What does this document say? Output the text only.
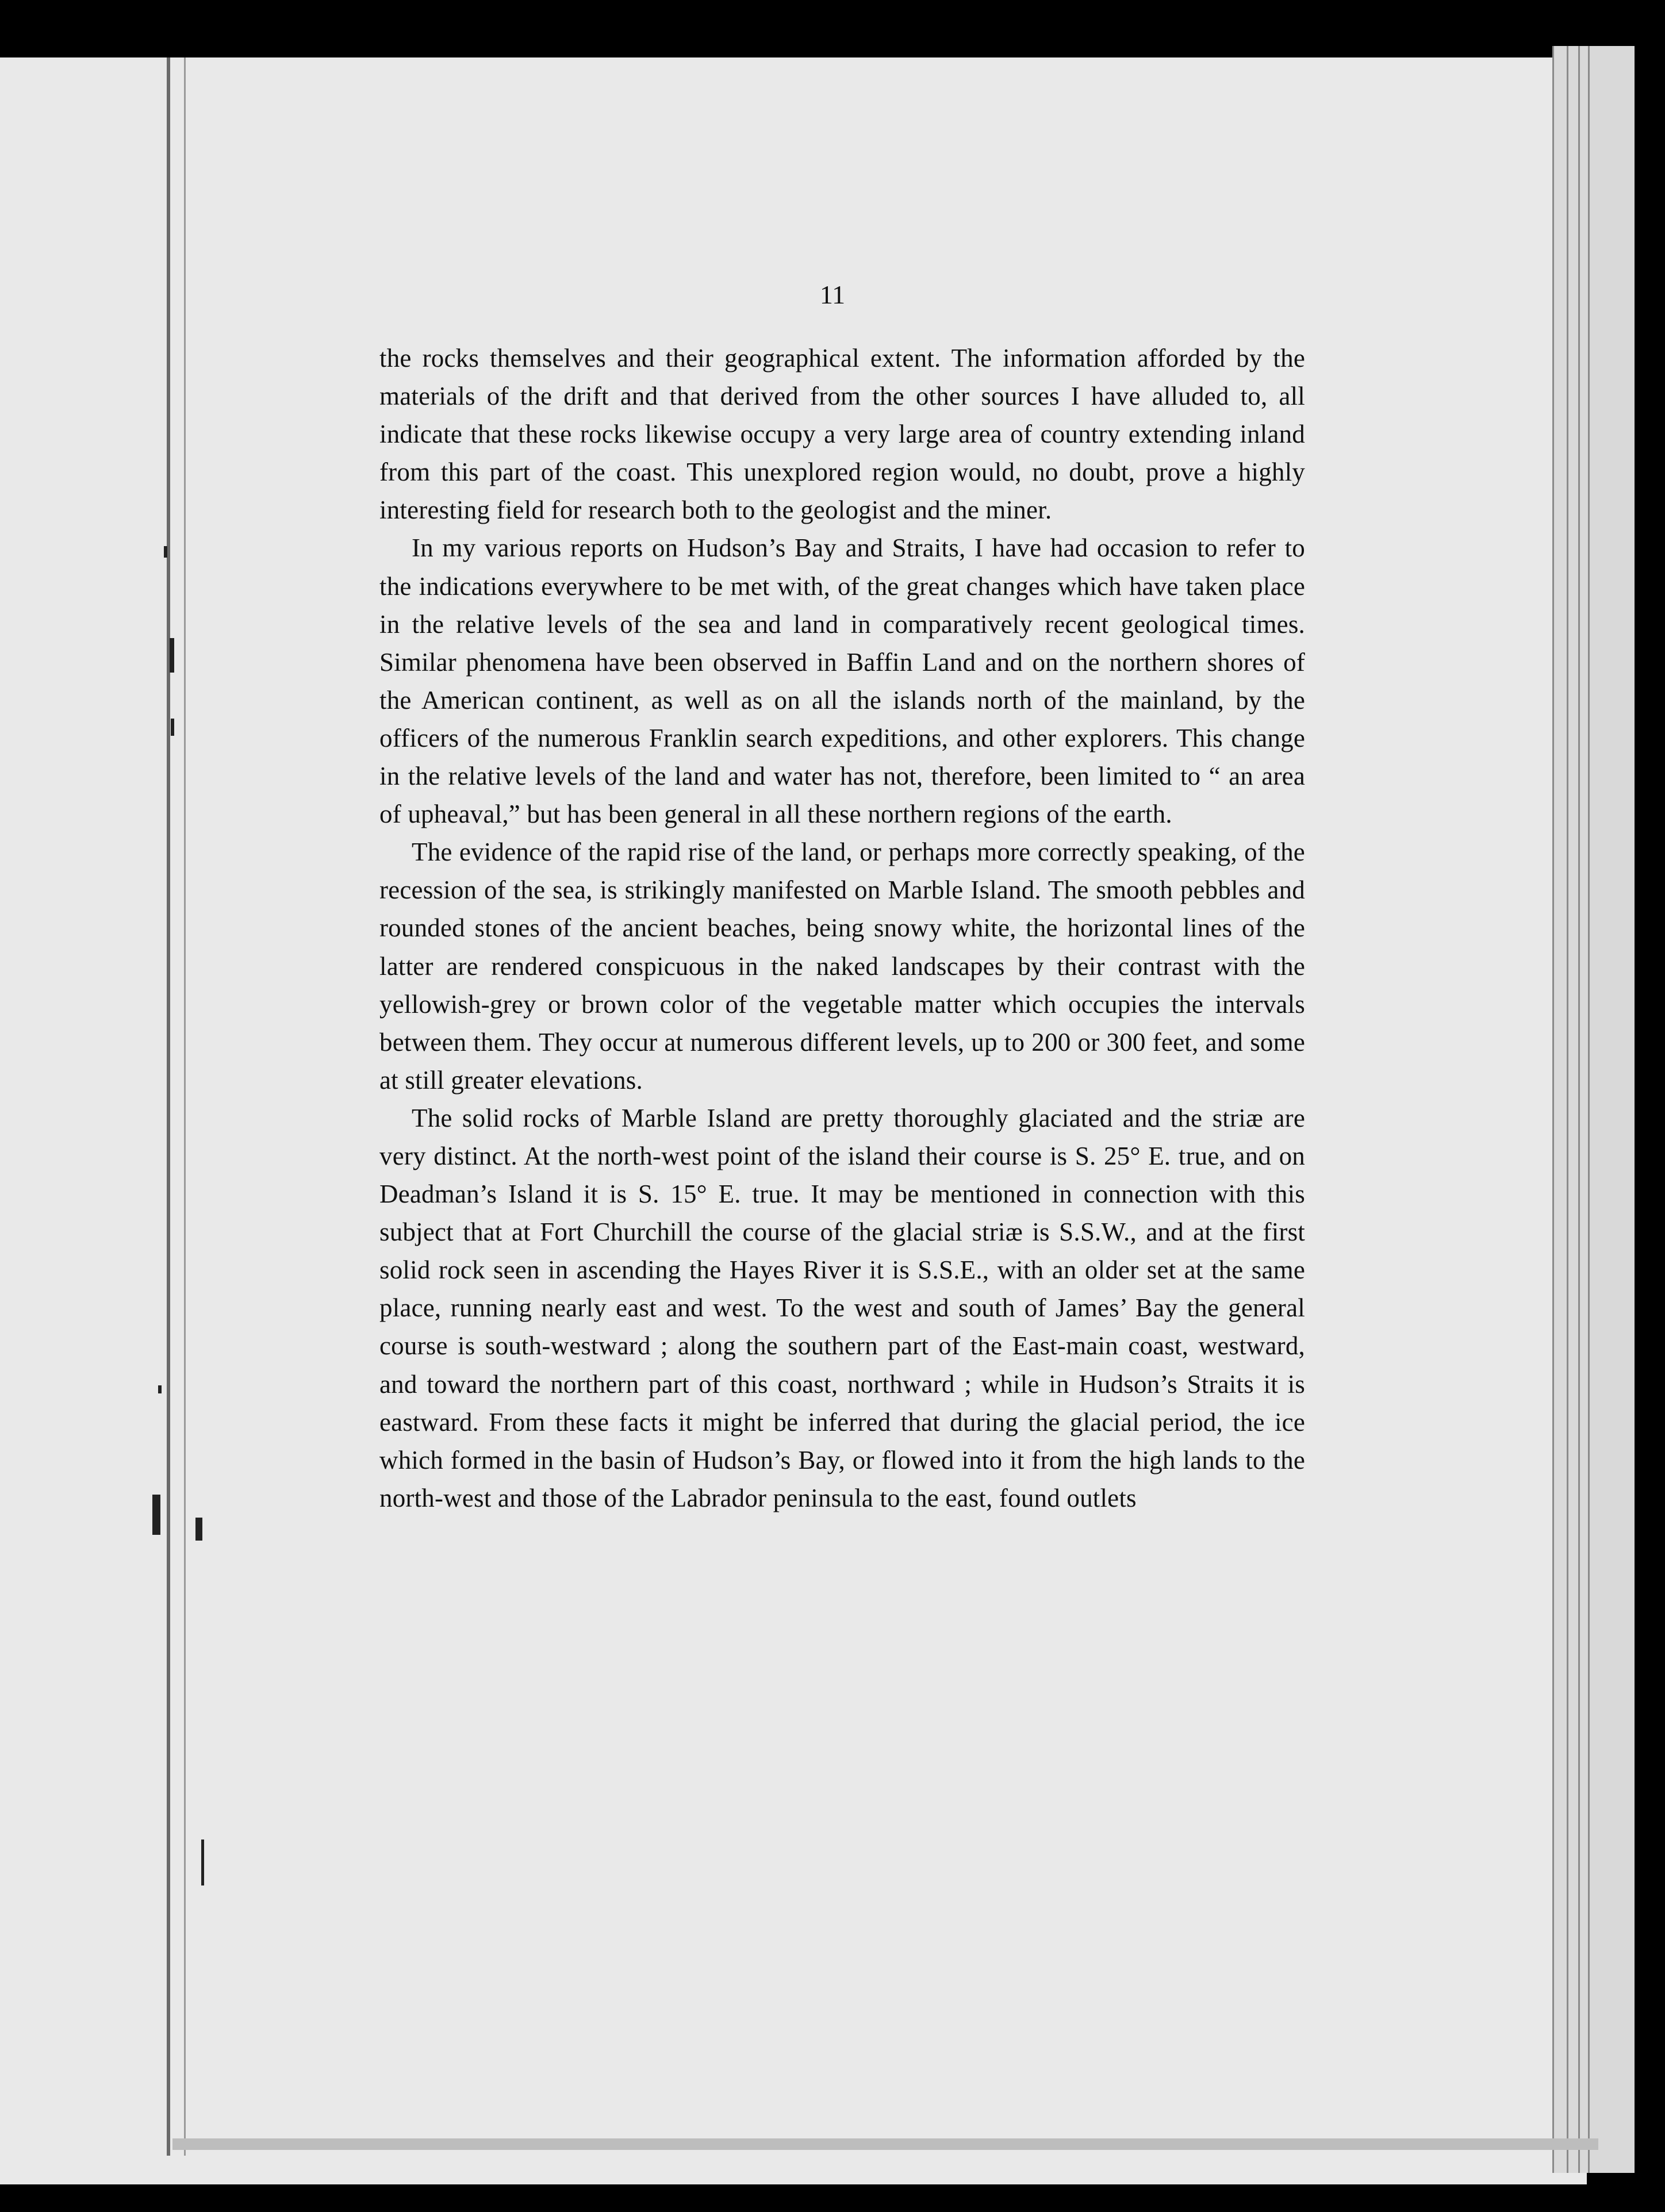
11

the rocks themselves and their geographical extent. The information afforded by the materials of the drift and that derived from the other sources I have alluded to, all indicate that these rocks likewise occupy a very large area of country extending inland from this part of the coast. This unexplored region would, no doubt, prove a highly interesting field for research both to the geologist and the miner.

In my various reports on Hudson’s Bay and Straits, I have had occasion to refer to the indications everywhere to be met with, of the great changes which have taken place in the relative levels of the sea and land in comparatively recent geological times. Similar phenomena have been observed in Baffin Land and on the northern shores of the American continent, as well as on all the islands north of the mainland, by the officers of the numerous Franklin search expeditions, and other explorers. This change in the relative levels of the land and water has not, therefore, been limited to “ an area of upheaval,” but has been general in all these northern regions of the earth.

The evidence of the rapid rise of the land, or perhaps more correctly speaking, of the recession of the sea, is strikingly manifested on Marble Island. The smooth pebbles and rounded stones of the ancient beaches, being snowy white, the horizontal lines of the latter are rendered conspicuous in the naked landscapes by their contrast with the yellowish-grey or brown color of the vegetable matter which occupies the intervals between them. They occur at numerous different levels, up to 200 or 300 feet, and some at still greater elevations.

The solid rocks of Marble Island are pretty thoroughly glaciated and the striæ are very distinct. At the north-west point of the island their course is S. 25° E. true, and on Deadman’s Island it is S. 15° E. true. It may be mentioned in connection with this subject that at Fort Churchill the course of the glacial striæ is S.S.W., and at the first solid rock seen in ascending the Hayes River it is S.S.E., with an older set at the same place, running nearly east and west. To the west and south of James’ Bay the general course is south-westward ; along the southern part of the East-main coast, westward, and toward the northern part of this coast, northward ; while in Hudson’s Straits it is eastward. From these facts it might be inferred that during the glacial period, the ice which formed in the basin of Hudson’s Bay, or flowed into it from the high lands to the north-west and those of the Labrador peninsula to the east, found outlets
